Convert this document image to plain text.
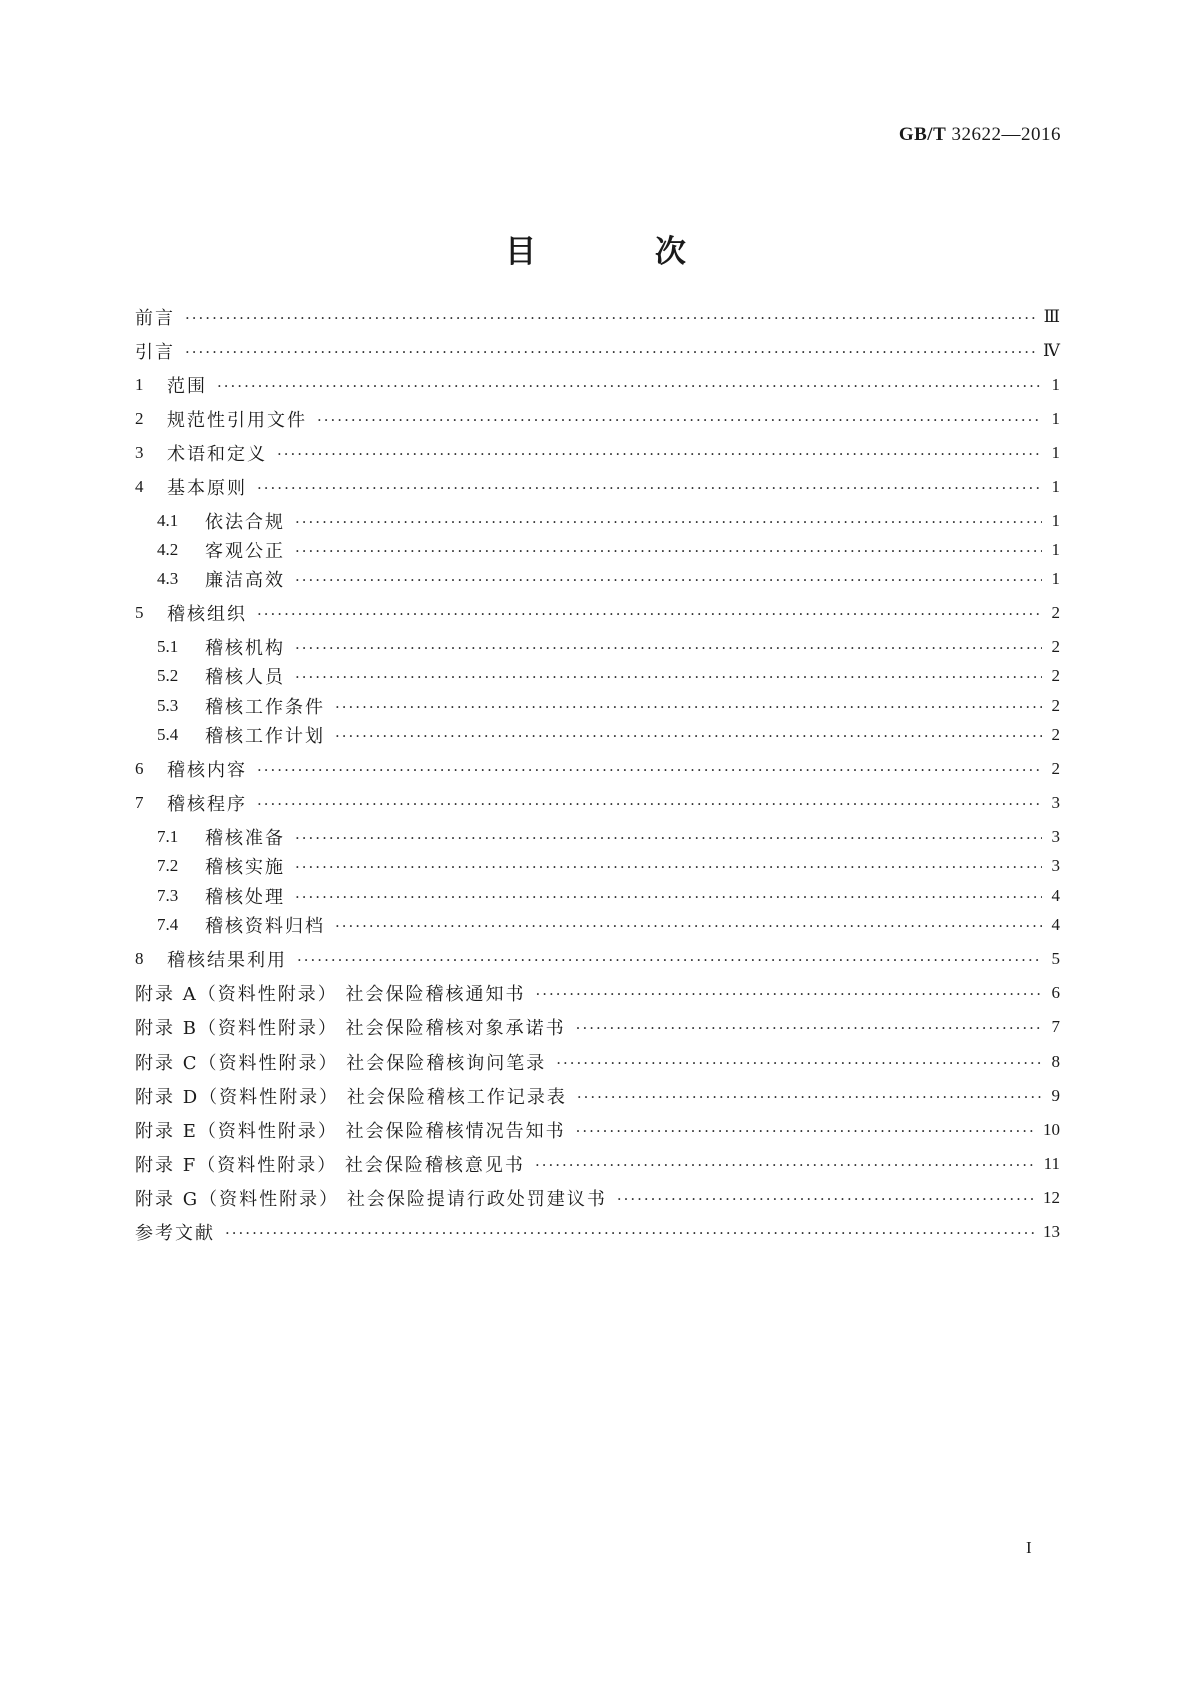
GB/T 32622—2016
目 次
前言 ·····	Ⅲ
引言 ·····	Ⅳ
1	范围 ·····	1
2	规范性引用文件 ·····	1
3	术语和定义 ·····	1
4	基本原则 ·····	1
4.1	依法合规 ·····	1
4.2	客观公正 ·····	1
4.3	廉洁高效 ·····	1
5	稽核组织 ·····	2
5.1	稽核机构 ·····	2
5.2	稽核人员 ·····	2
5.3	稽核工作条件 ·····	2
5.4	稽核工作计划 ·····	2
6	稽核内容 ·····	2
7	稽核程序 ·····	3
7.1	稽核准备 ·····	3
7.2	稽核实施 ·····	3
7.3	稽核处理 ·····	4
7.4	稽核资料归档 ·····	4
8	稽核结果利用 ·····	5
附录 A（资料性附录） 社会保险稽核通知书 ·····	6
附录 B（资料性附录） 社会保险稽核对象承诺书 ·····	7
附录 C（资料性附录） 社会保险稽核询问笔录 ·····	8
附录 D（资料性附录） 社会保险稽核工作记录表 ·····	9
附录 E（资料性附录） 社会保险稽核情况告知书 ·····	10
附录 F（资料性附录） 社会保险稽核意见书 ·····	11
附录 G（资料性附录） 社会保险提请行政处罚建议书 ·····	12
参考文献 ·····	13
I
